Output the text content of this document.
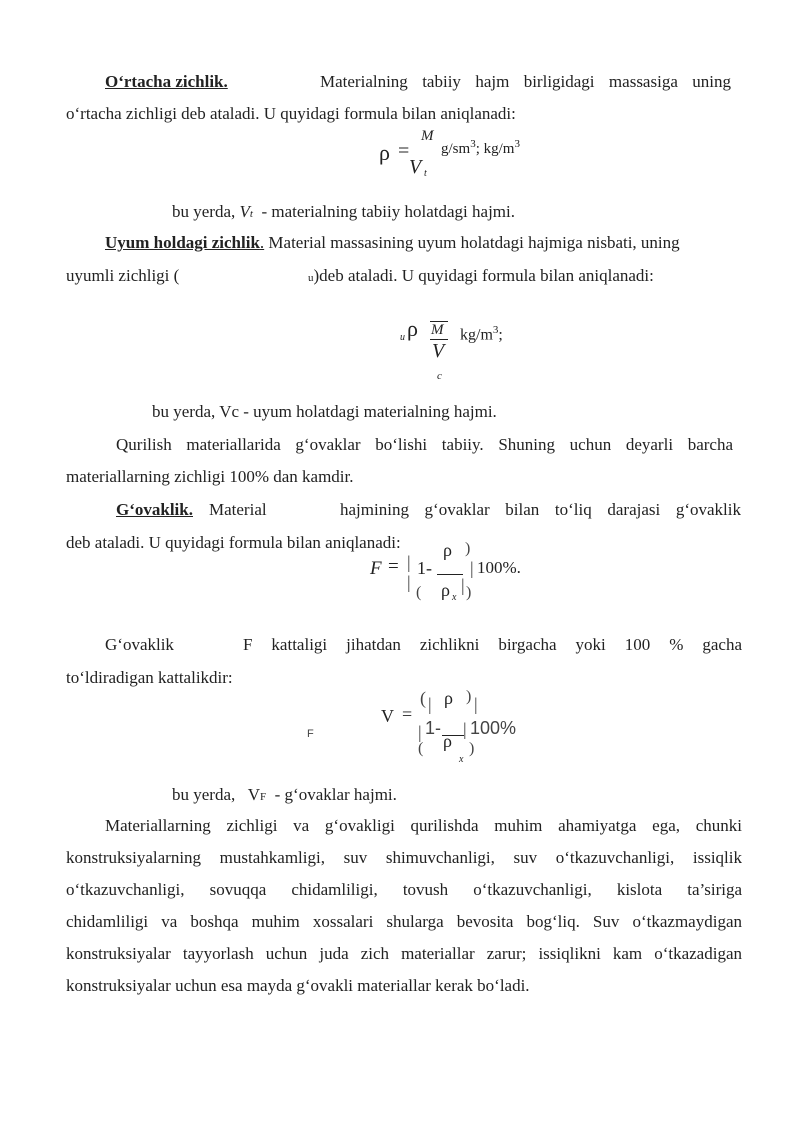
O‘rtacha zichlik.	Materialning tabiiy hajm birligidagi massasiga uning
o‘rtacha zichligi deb ataladi. U quyidagi formula bilan aniqlanadi:
ρ =
M
V t
$g/sm^3$; $kg/m^3$
bu yerda, Vt - materialning tabiiy holatdagi hajmi.
Uyum holdagi zichlik. Material massasining uyum holatdagi hajmiga nisbati, uning
uyumli zichligi (	u)deb ataladi. U quyidagi formula bilan aniqlanadi:
u ρ M
V
c
$kg/m^3$;
bu yerda, Vc - uyum holatdagi materialning hajmi.
Qurilish materiallarida g‘ovaklar bo‘lishi tabiiy. Shuning uchun deyarli barcha
materiallarning zichligi 100% dan kamdir.
G‘ovaklik. Material	hajmining g‘ovaklar bilan to‘liq darajasi g‘ovaklik
deb ataladi. U quyidagi formula bilan aniqlanadi:
F = |
|
(
1-
ρ )
ρ x
| )
| 100%.
G‘ovaklik	F kattaligi jihatdan zichlikni birgacha yoki 100 % gacha
to‘ldiradigan kattalikdir:
F
V =
( |
|
(
1-
ρ ) |
ρ
x
|
)
100%
bu yerda, VF - g‘ovaklar hajmi.
Materiallarning zichligi va g‘ovakligi qurilishda muhim ahamiyatga ega, chunki
konstruksiyalarning mustahkamligi, suv shimuvchanligi, suv o‘tkazuvchanligi, issiqlik
o‘tkazuvchanligi, sovuqqa chidamliligi, tovush o‘tkazuvchanligi, kislota ta’siriga
chidamliligi va boshqa muhim xossalari shularga bevosita bog‘liq. Suv o‘tkazmaydigan
konstruksiyalar tayyorlash uchun juda zich materiallar zarur; issiqlikni kam o‘tkazadigan
konstruksiyalar uchun esa mayda g‘ovakli materiallar kerak bo‘ladi.
